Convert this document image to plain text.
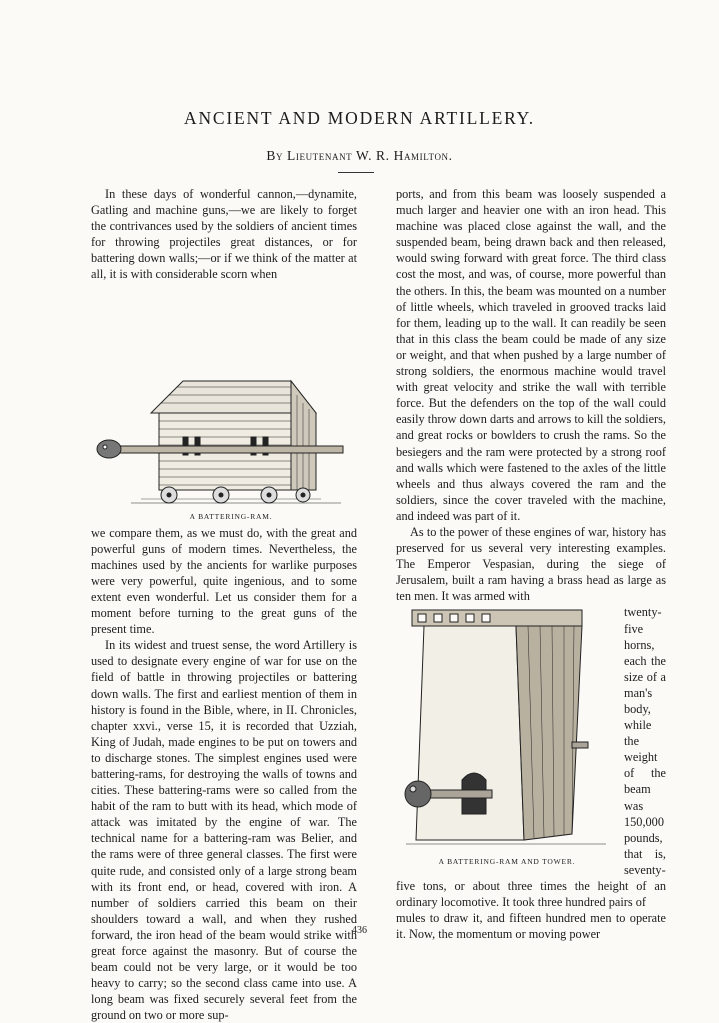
ANCIENT AND MODERN ARTILLERY.
By Lieutenant W. R. Hamilton.

In these days of wonderful cannon,—dynamite, Gatling and machine guns,—we are likely to forget the contrivances used by the soldiers of ancient times for throwing projectiles great distances, or for battering down walls;—or if we think of the matter at all, it is with considerable scorn when

A BATTERING-RAM.

we compare them, as we must do, with the great and powerful guns of modern times. Nevertheless, the machines used by the ancients for warlike purposes were very powerful, quite ingenious, and to some extent even wonderful. Let us consider them for a moment before turning to the great guns of the present time.

In its widest and truest sense, the word Artillery is used to designate every engine of war for use on the field of battle in throwing projectiles or battering down walls. The first and earliest mention of them in history is found in the Bible, where, in II. Chronicles, chapter xxvi., verse 15, it is recorded that Uzziah, King of Judah, made engines to be put on towers and to discharge stones. The simplest engines used were battering-rams, for destroying the walls of towns and cities. These battering-rams were so called from the habit of the ram to butt with its head, which mode of attack was imitated by the engine of war. The technical name for a battering-ram was Belier, and the rams were of three general classes. The first were quite rude, and consisted only of a large strong beam with its front end, or head, covered with iron. A number of soldiers carried this beam on their shoulders toward a wall, and when they rushed forward, the iron head of the beam would strike with great force against the masonry. But of course the beam could not be very large, or it would be too heavy to carry; so the second class came into use. A long beam was fixed securely several feet from the ground on two or more sup-

ports, and from this beam was loosely suspended a much larger and heavier one with an iron head. This machine was placed close against the wall, and the suspended beam, being drawn back and then released, would swing forward with great force. The third class cost the most, and was, of course, more powerful than the others. In this, the beam was mounted on a number of little wheels, which traveled in grooved tracks laid for them, leading up to the wall. It can readily be seen that in this class the beam could be made of any size or weight, and that when pushed by a large number of strong soldiers, the enormous machine would travel with great velocity and strike the wall with terrible force. But the defenders on the top of the wall could easily throw down darts and arrows to kill the soldiers, and great rocks or bowlders to crush the rams. So the besiegers and the ram were protected by a strong roof and walls which were fastened to the axles of the little wheels and thus always covered the ram and the soldiers, since the cover traveled with the machine, and indeed was part of it.

As to the power of these engines of war, history has preserved for us several very interesting examples. The Emperor Vespasian, during the siege of Jerusalem, built a ram having a brass head as large as ten men. It was armed with

A BATTERING-RAM AND TOWER.

twenty-five horns, each the size of a man's body, while the weight of the beam was 150,000 pounds, that is, seventy-five tons, or about three times the height of an ordinary locomotive. It took three hundred pairs of

mules to draw it, and fifteen hundred men to operate it. Now, the momentum or moving power

436
